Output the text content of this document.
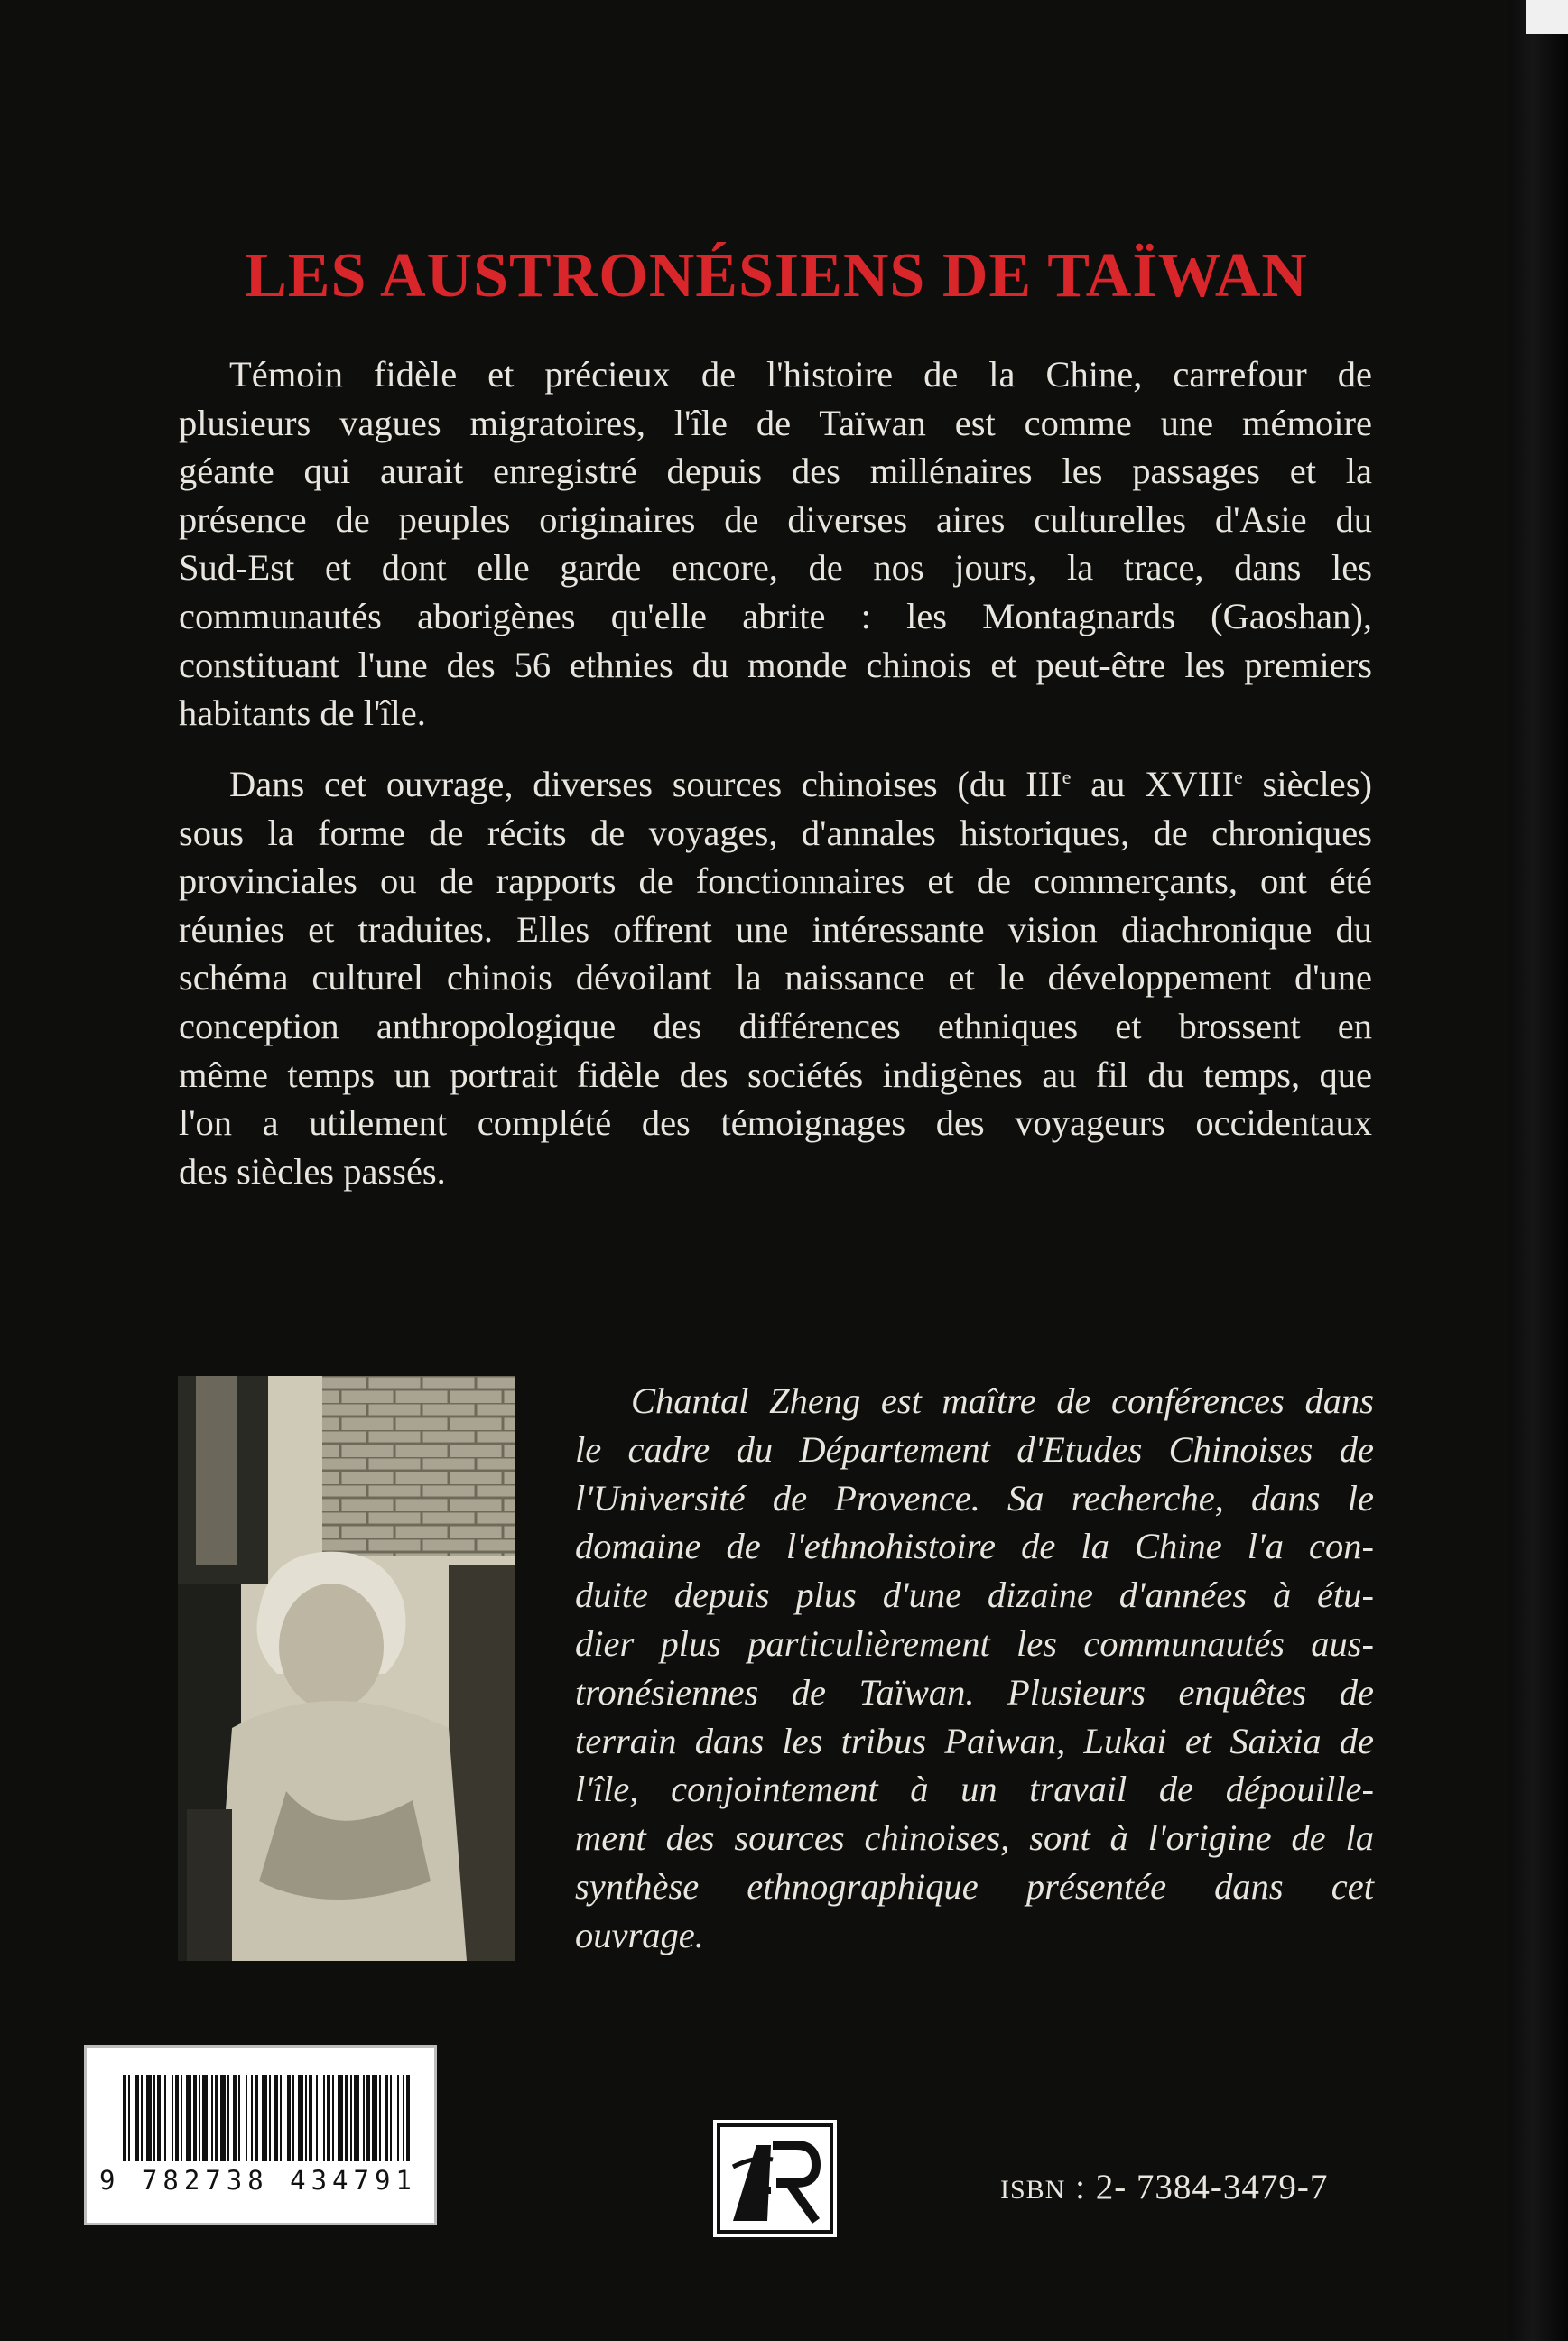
LES AUSTRONÉSIENS DE TAÏWAN
Témoin fidèle et précieux de l'histoire de la Chine, carrefour de
plusieurs vagues migratoires, l'île de Taïwan est comme une mémoire
géante qui aurait enregistré depuis des millénaires les passages et la
présence de peuples originaires de diverses aires culturelles d'Asie du
Sud-Est et dont elle garde encore, de nos jours, la trace, dans les
communautés aborigènes qu'elle abrite : les Montagnards (Gaoshan),
constituant l'une des 56 ethnies du monde chinois et peut-être les premiers
habitants de l'île.
Dans cet ouvrage, diverses sources chinoises (du IIIe au XVIIIe siècles)
sous la forme de récits de voyages, d'annales historiques, de chroniques
provinciales ou de rapports de fonctionnaires et de commerçants, ont été
réunies et traduites. Elles offrent une intéressante vision diachronique du
schéma culturel chinois dévoilant la naissance et le développement d'une
conception anthropologique des différences ethniques et brossent en
même temps un portrait fidèle des sociétés indigènes au fil du temps, que
l'on a utilement complété des témoignages des voyageurs occidentaux
des siècles passés.
Chantal Zheng est maître de conférences dans
le cadre du Département d'Etudes Chinoises de
l'Université de Provence. Sa recherche, dans le
domaine de l'ethnohistoire de la Chine l'a con-
duite depuis plus d'une dizaine d'années à étu-
dier plus particulièrement les communautés aus-
tronésiennes de Taïwan. Plusieurs enquêtes de
terrain dans les tribus Paiwan, Lukai et Saixia de
l'île, conjointement à un travail de dépouille-
ment des sources chinoises, sont à l'origine de la
synthèse ethnographique présentée dans cet
ouvrage.
9 782738 434791	ISBN : 2- 7384-3479-7
